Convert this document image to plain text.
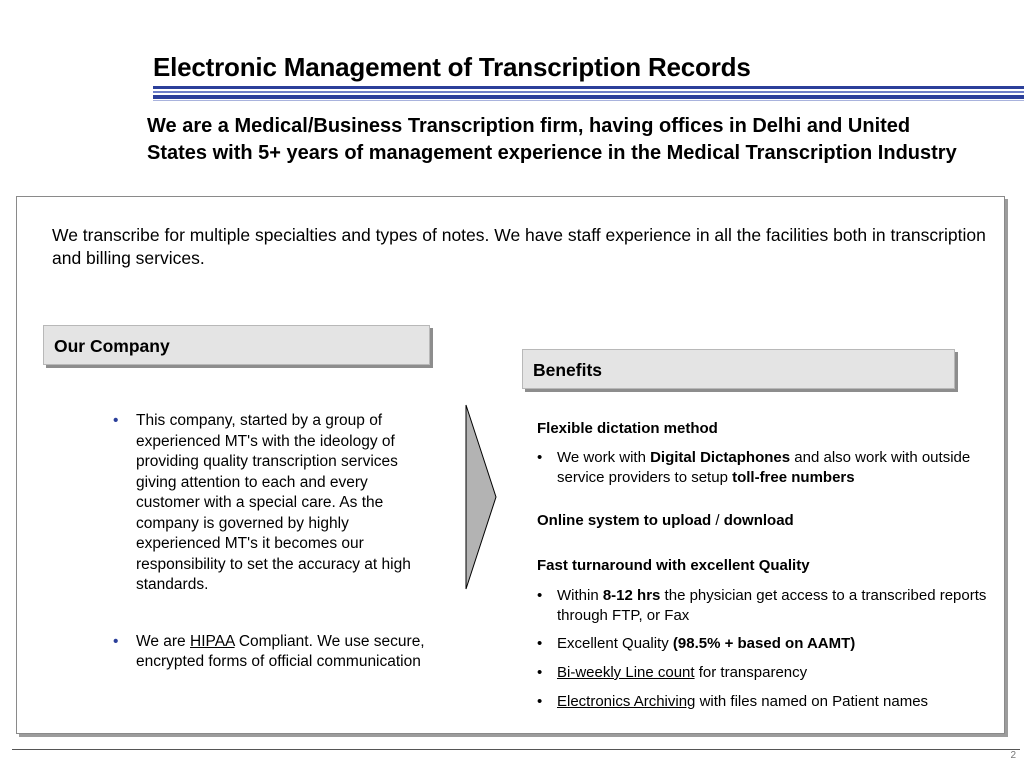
Electronic Management of Transcription Records

We are a Medical/Business Transcription firm, having offices in Delhi and United States with 5+ years of management experience in the Medical Transcription Industry

We transcribe for multiple specialties and types of notes. We have staff experience in all the facilities both in transcription and billing services.

Our Company
• This company, started by a group of experienced MT's with the ideology of providing quality transcription services giving attention to each and every customer with a special care. As the company is governed by highly experienced MT's it becomes our responsibility to set the accuracy at high standards.
• We are HIPAA Compliant. We use secure, encrypted forms of official communication
Benefits
Flexible dictation method
• We work with Digital Dictaphones and also work with outside service providers to setup toll-free numbers
Online system to upload / download
Fast turnaround with excellent Quality
• Within 8-12 hrs the physician get access to a transcribed reports through FTP, or Fax
• Excellent Quality (98.5% + based on AAMT)
• Bi-weekly Line count for transparency
• Electronics Archiving with files named on Patient names
2
